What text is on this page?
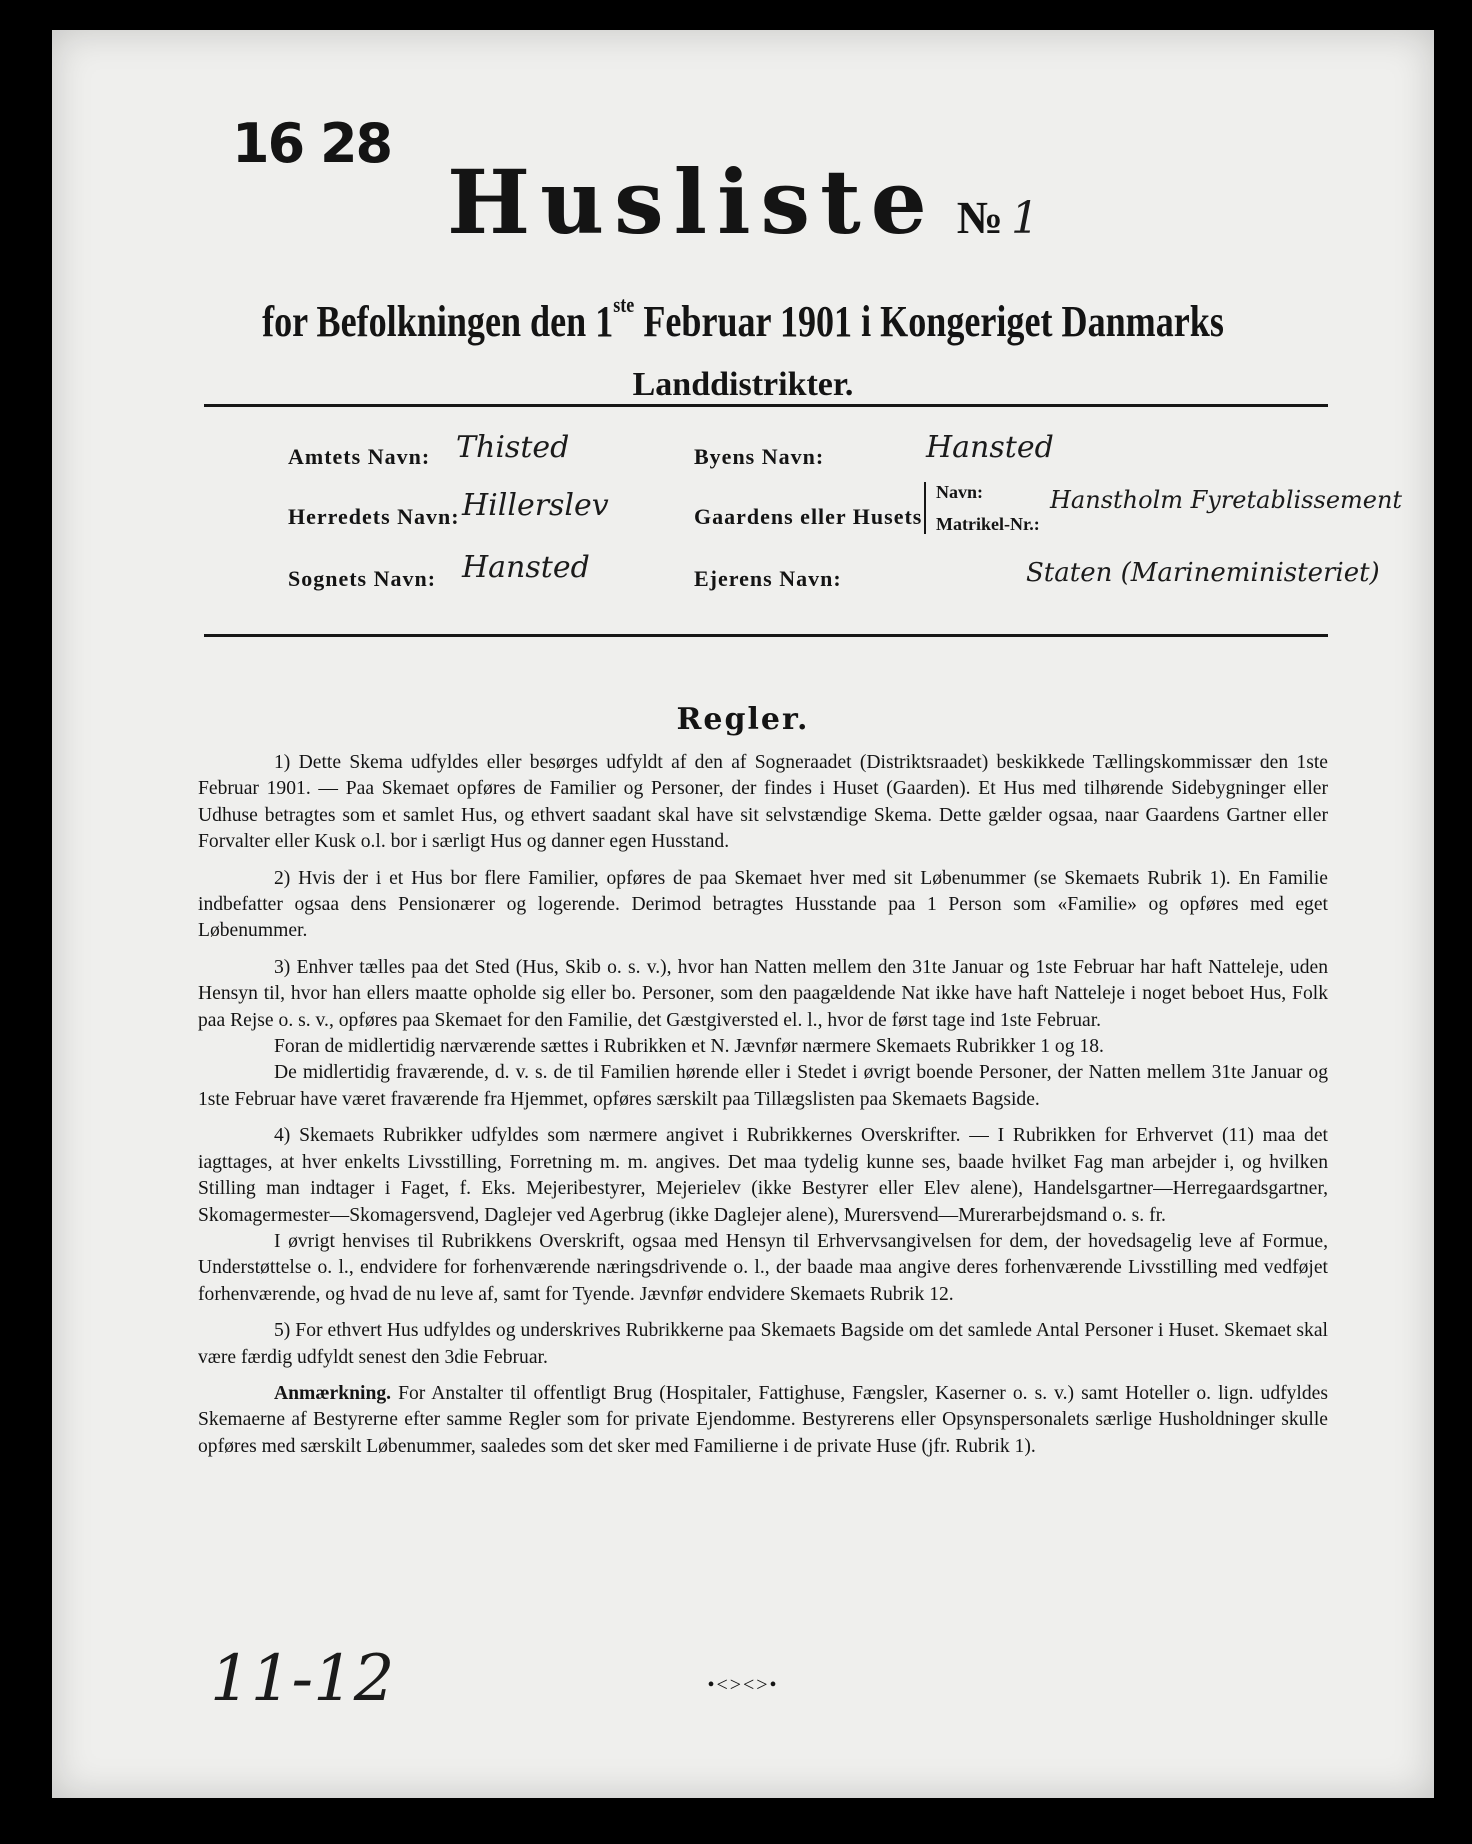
16 28
Husliste № 1
for Befolkningen den 1ste Februar 1901 i Kongeriget Danmarks
Landdistrikter.
Amtets Navn: Thisted	Byens Navn:	Hansted
Herredets Navn: Hillerslev	Gaardens eller Husets
Navn:
Matrikel-Nr.:
Hanstholm Fyretablissement
Sognets Navn: Hansted	Ejerens Navn:	Staten (Marineministeriet)
Regler.

1) Dette Skema udfyldes eller besørges udfyldt af den af Sogneraadet (Distriktsraadet) beskikkede Tællingskommissær den 1ste Februar 1901. — Paa Skemaet opføres de Familier og Personer, der findes i Huset (Gaarden). Et Hus med tilhørende Sidebygninger eller Udhuse betragtes som et samlet Hus, og ethvert saadant skal have sit selvstændige Skema. Dette gælder ogsaa, naar Gaardens Gartner eller Forvalter eller Kusk o.l. bor i særligt Hus og danner egen Husstand.

2) Hvis der i et Hus bor flere Familier, opføres de paa Skemaet hver med sit Løbenummer (se Skemaets Rubrik 1). En Familie indbefatter ogsaa dens Pensionærer og logerende. Derimod betragtes Husstande paa 1 Person som «Familie» og opføres med eget Løbenummer.

3) Enhver tælles paa det Sted (Hus, Skib o. s. v.), hvor han Natten mellem den 31te Januar og 1ste Februar har haft Natteleje, uden Hensyn til, hvor han ellers maatte opholde sig eller bo. Personer, som den paagældende Nat ikke have haft Natteleje i noget beboet Hus, Folk paa Rejse o. s. v., opføres paa Skemaet for den Familie, det Gæstgiversted el. l., hvor de først tage ind 1ste Februar.

Foran de midlertidig nærværende sættes i Rubrikken et N. Jævnfør nærmere Skemaets Rubrikker 1 og 18.

De midlertidig fraværende, d. v. s. de til Familien hørende eller i Stedet i øvrigt boende Personer, der Natten mellem 31te Januar og 1ste Februar have været fraværende fra Hjemmet, opføres særskilt paa Tillægslisten paa Skemaets Bagside.

4) Skemaets Rubrikker udfyldes som nærmere angivet i Rubrikkernes Overskrifter. — I Rubrikken for Erhvervet (11) maa det iagttages, at hver enkelts Livsstilling, Forretning m. m. angives. Det maa tydelig kunne ses, baade hvilket Fag man arbejder i, og hvilken Stilling man indtager i Faget, f. Eks. Mejeribestyrer, Mejerielev (ikke Bestyrer eller Elev alene), Handelsgartner—Herregaardsgartner, Skomagermester—Skomagersvend, Daglejer ved Agerbrug (ikke Daglejer alene), Murersvend—Murerarbejdsmand o. s. fr.

I øvrigt henvises til Rubrikkens Overskrift, ogsaa med Hensyn til Erhvervsangivelsen for dem, der hovedsagelig leve af Formue, Understøttelse o. l., endvidere for forhenværende næringsdrivende o. l., der baade maa angive deres forhenværende Livsstilling med vedføjet forhenværende, og hvad de nu leve af, samt for Tyende. Jævnfør endvidere Skemaets Rubrik 12.

5) For ethvert Hus udfyldes og underskrives Rubrikkerne paa Skemaets Bagside om det samlede Antal Personer i Huset. Skemaet skal være færdig udfyldt senest den 3die Februar.

Anmærkning. For Anstalter til offentligt Brug (Hospitaler, Fattighuse, Fængsler, Kaserner o. s. v.) samt Hoteller o. lign. udfyldes Skemaerne af Bestyrerne efter samme Regler som for private Ejendomme. Bestyrerens eller Opsynspersonalets særlige Husholdninger skulle opføres med særskilt Løbenummer, saaledes som det sker med Familierne i de private Huse (jfr. Rubrik 1).

11-12	•<><>•
